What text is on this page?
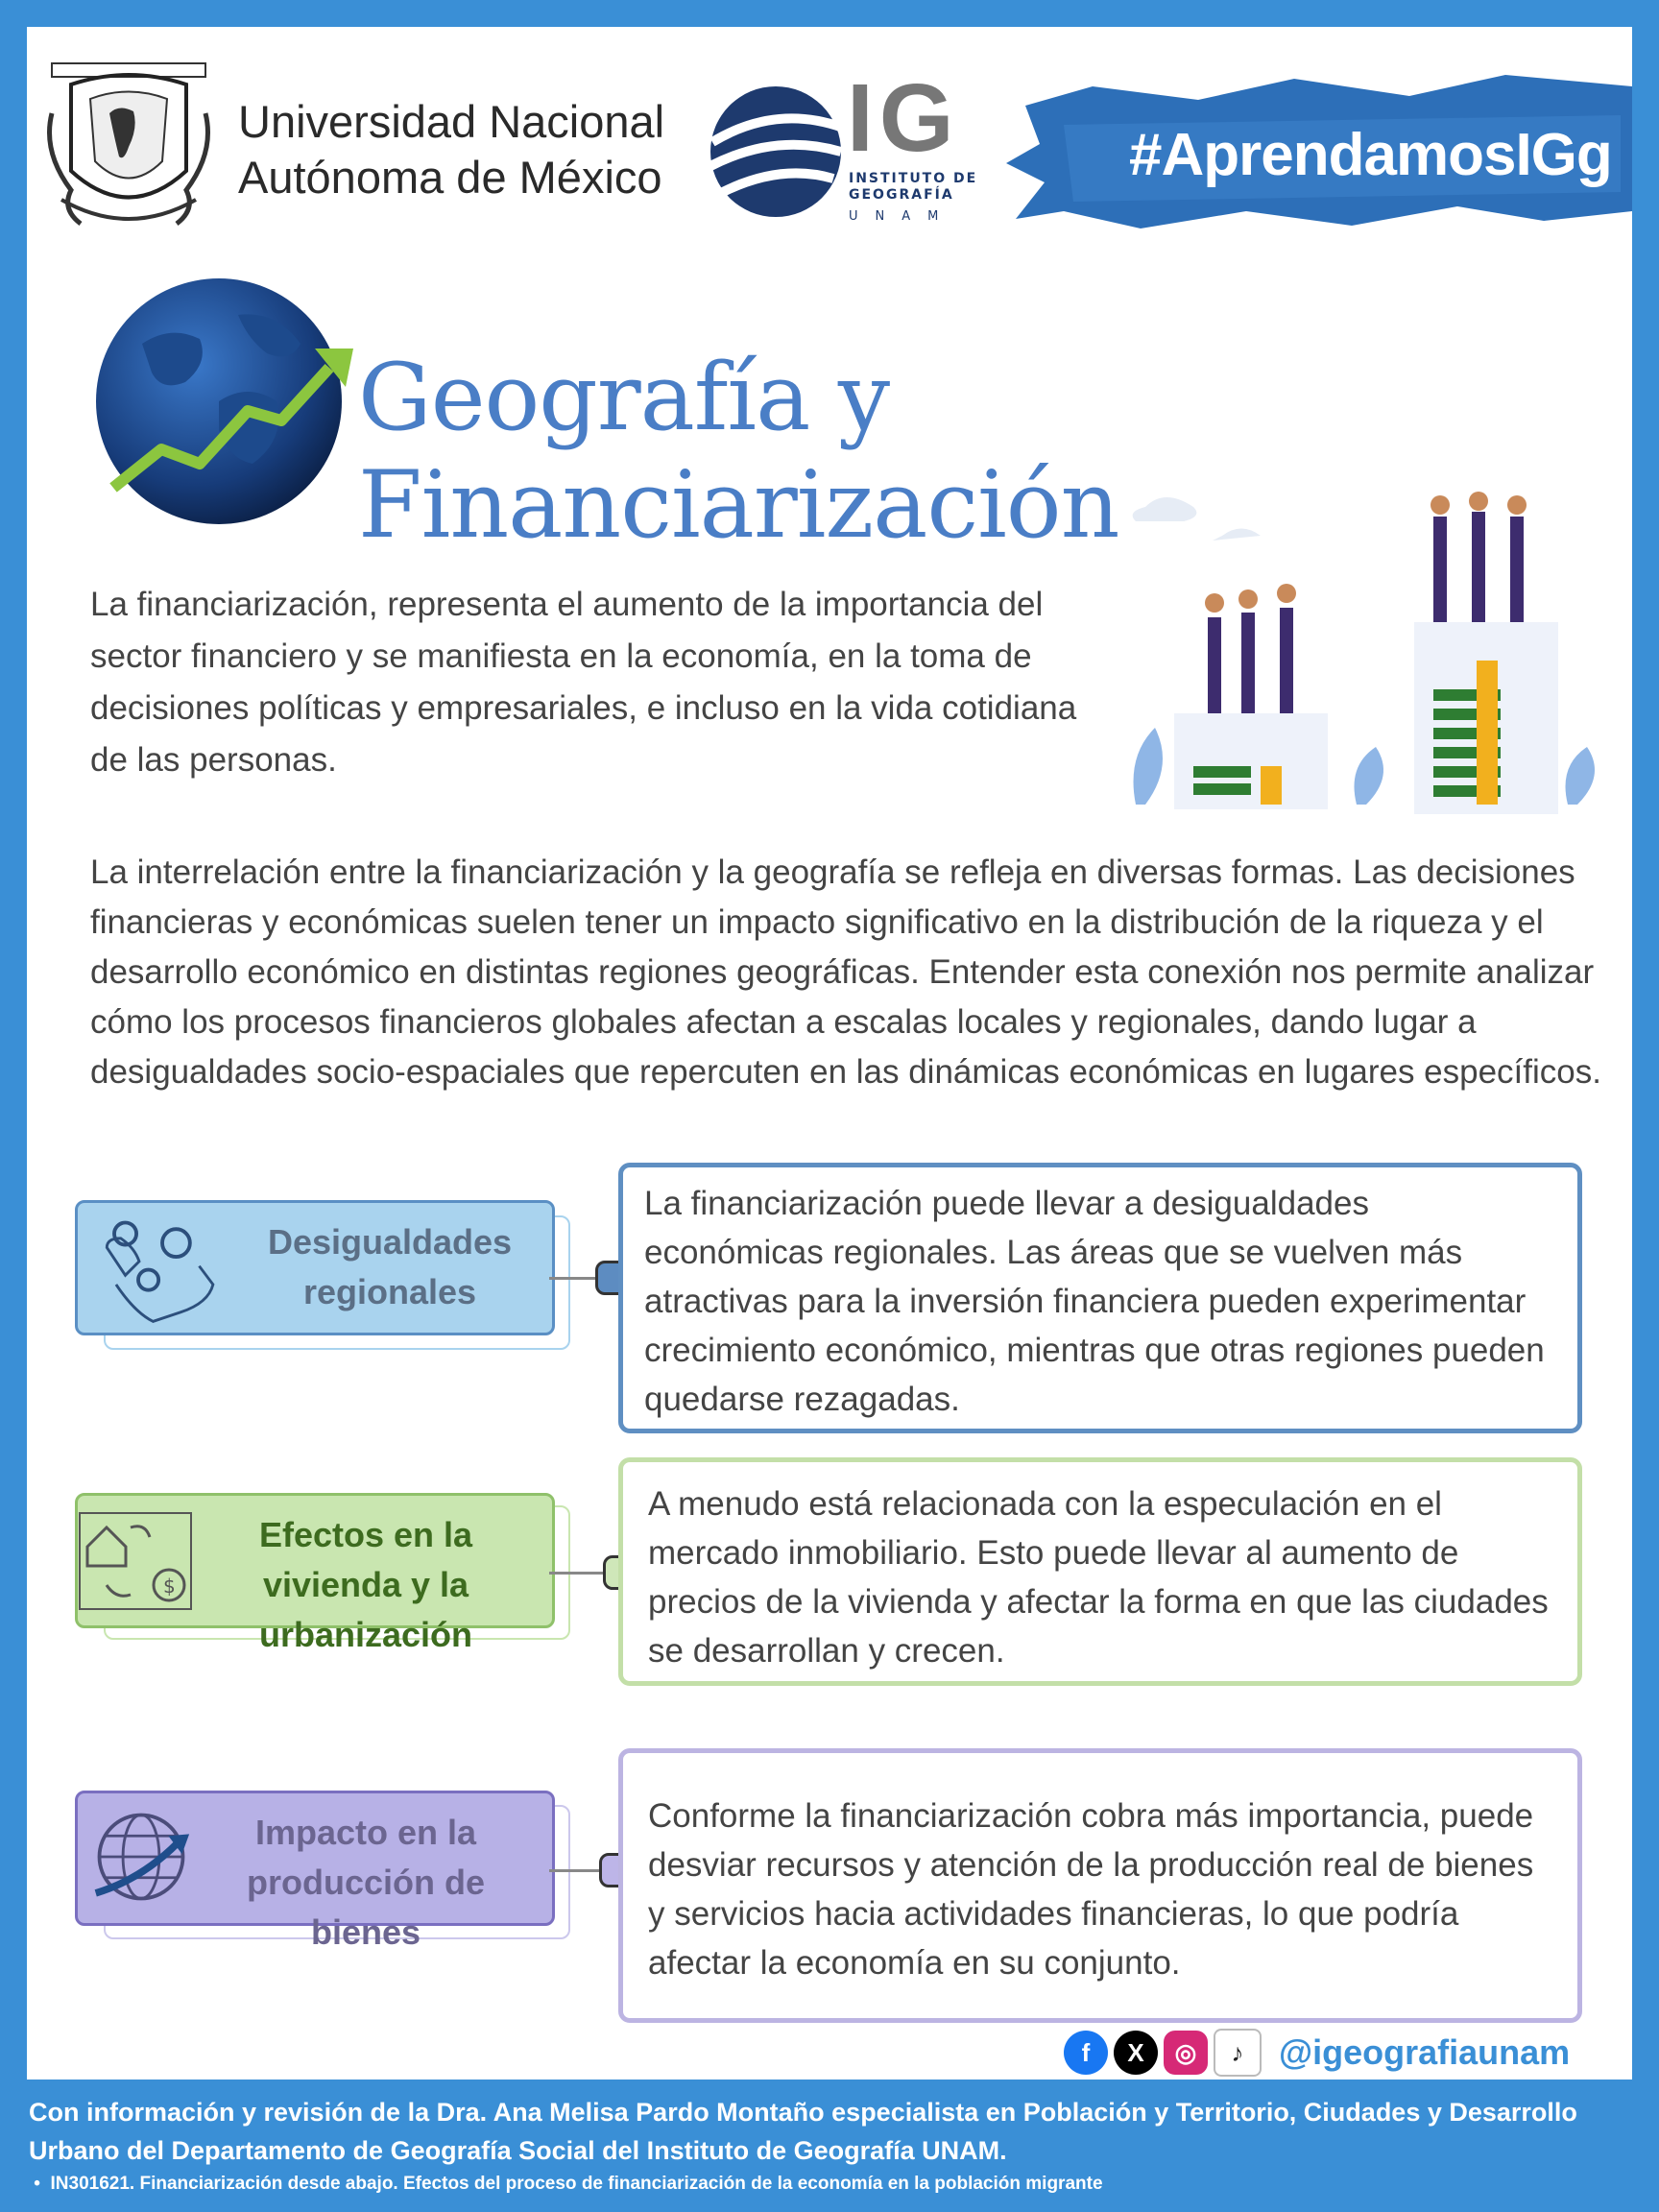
Universidad Nacional
Autónoma de México
IG
INSTITUTO DE
GEOGRAFÍA
UNAM
#AprendamosIGg
Geografía y Financiarización
La financiarización, representa el aumento de la importancia del sector financiero y se manifiesta en la economía, en la toma de decisiones políticas y empresariales, e incluso en la vida cotidiana de las personas.
La interrelación entre la financiarización y la geografía se refleja en diversas formas. Las decisiones financieras y económicas suelen tener un impacto significativo en la distribución de la riqueza y el desarrollo económico en distintas regiones geográficas. Entender esta conexión nos permite analizar cómo los procesos financieros globales afectan a escalas locales y regionales, dando lugar a desigualdades socio-espaciales que repercuten en las dinámicas económicas en lugares específicos.
Desigualdades regionales

La financiarización puede llevar a desigualdades económicas regionales. Las áreas que se vuelven más atractivas para la inversión financiera pueden experimentar crecimiento económico, mientras que otras regiones pueden quedarse rezagadas.

$
Efectos en la vivienda y la urbanización

A menudo está relacionada con la especulación en el mercado inmobiliario. Esto puede llevar al aumento de precios de la vivienda y afectar la forma en que las ciudades se desarrollan y crecen.

Impacto en la producción de bienes

Conforme la financiarización cobra más importancia, puede desviar recursos y atención de la producción real de bienes y servicios hacia actividades financieras, lo que podría afectar la economía en su conjunto.

f	X	◎	♪	@igeografiaunam
Con información y revisión de la Dra. Ana Melisa Pardo Montaño especialista en Población y Territorio, Ciudades y Desarrollo Urbano del Departamento de Geografía Social del Instituto de Geografía UNAM.
•  IN301621. Financiarización desde abajo. Efectos del proceso de financiarización de la economía en la población migrante
